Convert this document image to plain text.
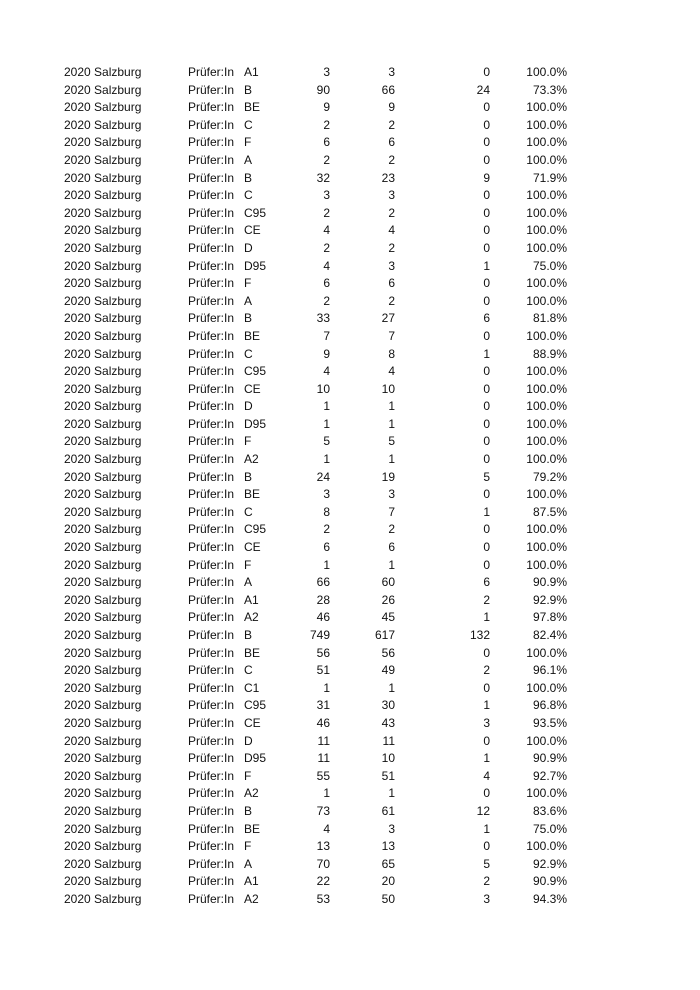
2020 Salzburg	Prüfer:In A1	3	3	0	100.0%
2020 Salzburg	Prüfer:In B	90	66	24	73.3%
2020 Salzburg	Prüfer:In BE	9	9	0	100.0%
2020 Salzburg	Prüfer:In C	2	2	0	100.0%
2020 Salzburg	Prüfer:In F	6	6	0	100.0%
2020 Salzburg	Prüfer:In A	2	2	0	100.0%
2020 Salzburg	Prüfer:In B	32	23	9	71.9%
2020 Salzburg	Prüfer:In C	3	3	0	100.0%
2020 Salzburg	Prüfer:In C95	2	2	0	100.0%
2020 Salzburg	Prüfer:In CE	4	4	0	100.0%
2020 Salzburg	Prüfer:In D	2	2	0	100.0%
2020 Salzburg	Prüfer:In D95	4	3	1	75.0%
2020 Salzburg	Prüfer:In F	6	6	0	100.0%
2020 Salzburg	Prüfer:In A	2	2	0	100.0%
2020 Salzburg	Prüfer:In B	33	27	6	81.8%
2020 Salzburg	Prüfer:In BE	7	7	0	100.0%
2020 Salzburg	Prüfer:In C	9	8	1	88.9%
2020 Salzburg	Prüfer:In C95	4	4	0	100.0%
2020 Salzburg	Prüfer:In CE	10	10	0	100.0%
2020 Salzburg	Prüfer:In D	1	1	0	100.0%
2020 Salzburg	Prüfer:In D95	1	1	0	100.0%
2020 Salzburg	Prüfer:In F	5	5	0	100.0%
2020 Salzburg	Prüfer:In A2	1	1	0	100.0%
2020 Salzburg	Prüfer:In B	24	19	5	79.2%
2020 Salzburg	Prüfer:In BE	3	3	0	100.0%
2020 Salzburg	Prüfer:In C	8	7	1	87.5%
2020 Salzburg	Prüfer:In C95	2	2	0	100.0%
2020 Salzburg	Prüfer:In CE	6	6	0	100.0%
2020 Salzburg	Prüfer:In F	1	1	0	100.0%
2020 Salzburg	Prüfer:In A	66	60	6	90.9%
2020 Salzburg	Prüfer:In A1	28	26	2	92.9%
2020 Salzburg	Prüfer:In A2	46	45	1	97.8%
2020 Salzburg	Prüfer:In B	749	617	132	82.4%
2020 Salzburg	Prüfer:In BE	56	56	0	100.0%
2020 Salzburg	Prüfer:In C	51	49	2	96.1%
2020 Salzburg	Prüfer:In C1	1	1	0	100.0%
2020 Salzburg	Prüfer:In C95	31	30	1	96.8%
2020 Salzburg	Prüfer:In CE	46	43	3	93.5%
2020 Salzburg	Prüfer:In D	11	11	0	100.0%
2020 Salzburg	Prüfer:In D95	11	10	1	90.9%
2020 Salzburg	Prüfer:In F	55	51	4	92.7%
2020 Salzburg	Prüfer:In A2	1	1	0	100.0%
2020 Salzburg	Prüfer:In B	73	61	12	83.6%
2020 Salzburg	Prüfer:In BE	4	3	1	75.0%
2020 Salzburg	Prüfer:In F	13	13	0	100.0%
2020 Salzburg	Prüfer:In A	70	65	5	92.9%
2020 Salzburg	Prüfer:In A1	22	20	2	90.9%
2020 Salzburg	Prüfer:In A2	53	50	3	94.3%
